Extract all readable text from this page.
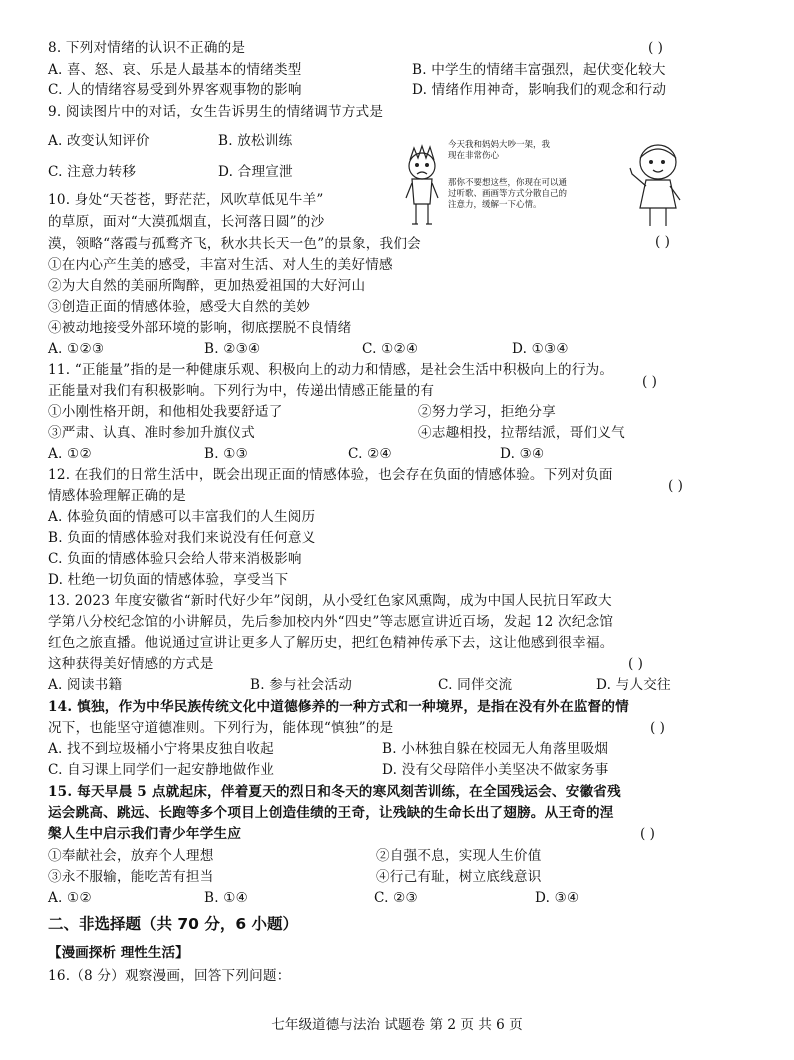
8. 下列对情绪的认识不正确的是	( )
A. 喜、怒、哀、乐是人最基本的情绪类型	B. 中学生的情绪丰富强烈，起伏变化较大
C. 人的情绪容易受到外界客观事物的影响	D. 情绪作用神奇，影响我们的观念和行动
9. 阅读图片中的对话，女生告诉男生的情绪调节方式是
A. 改变认知评价	B. 放松训练
C. 注意力转移	D. 合理宣泄
今天我和妈妈大吵一架，我
现在非常伤心
那你不要想这些，你现在可以通
过听歌、画画等方式分散自己的
注意力，缓解一下心情。
10. 身处“天苍苍，野茫茫，风吹草低见牛羊”
的草原，面对“大漠孤烟直，长河落日圆”的沙
漠，领略“落霞与孤鹜齐飞，秋水共长天一色”的景象，我们会	( )
①在内心产生美的感受，丰富对生活、对人生的美好情感
②为大自然的美丽所陶醉，更加热爱祖国的大好河山
③创造正面的情感体验，感受大自然的美妙
④被动地接受外部环境的影响，彻底摆脱不良情绪
A. ①②③	B. ②③④	C. ①②④	D. ①③④
11. “正能量”指的是一种健康乐观、积极向上的动力和情感，是社会生活中积极向上的行为。
正能量对我们有积极影响。下列行为中，传递出情感正能量的有
( )
①小刚性格开朗，和他相处我要舒适了	②努力学习，拒绝分享
③严肃、认真、准时参加升旗仪式	④志趣相投，拉帮结派，哥们义气
A. ①②	B. ①③	C. ②④	D. ③④
12. 在我们的日常生活中，既会出现正面的情感体验，也会存在负面的情感体验。下列对负面
情感体验理解正确的是
( )
A. 体验负面的情感可以丰富我们的人生阅历
B. 负面的情感体验对我们来说没有任何意义
C. 负面的情感体验只会给人带来消极影响
D. 杜绝一切负面的情感体验，享受当下
13. 2023 年度安徽省“新时代好少年”闵朗，从小受红色家风熏陶，成为中国人民抗日军政大
学第八分校纪念馆的小讲解员，先后参加校内外“四史”等志愿宣讲近百场，发起 12 次纪念馆
红色之旅直播。他说通过宣讲让更多人了解历史，把红色精神传承下去，这让他感到很幸福。
这种获得美好情感的方式是	( )
A. 阅读书籍	B. 参与社会活动	C. 同伴交流	D. 与人交往
14. 慎独，作为中华民族传统文化中道德修养的一种方式和一种境界，是指在没有外在监督的情
况下，也能坚守道德准则。下列行为，能体现“慎独”的是	( )
A. 找不到垃圾桶小宁将果皮独自收起	B. 小林独自躲在校园无人角落里吸烟
C. 自习课上同学们一起安静地做作业	D. 没有父母陪伴小美坚决不做家务事
15. 每天早晨 5 点就起床，伴着夏天的烈日和冬天的寒风刻苦训练，在全国残运会、安徽省残
运会跳高、跳远、长跑等多个项目上创造佳绩的王奇，让残缺的生命长出了翅膀。从王奇的涅
槃人生中启示我们青少年学生应	( )
①奉献社会，放弃个人理想	②自强不息，实现人生价值
③永不服输，能吃苦有担当	④行己有耻，树立底线意识
A. ①②	B. ①④	C. ②③	D. ③④
二、非选择题（共 70 分，6 小题）
【漫画探析 理性生活】
16.（8 分）观察漫画，回答下列问题：
七年级道德与法治 试题卷 第 2 页 共 6 页
